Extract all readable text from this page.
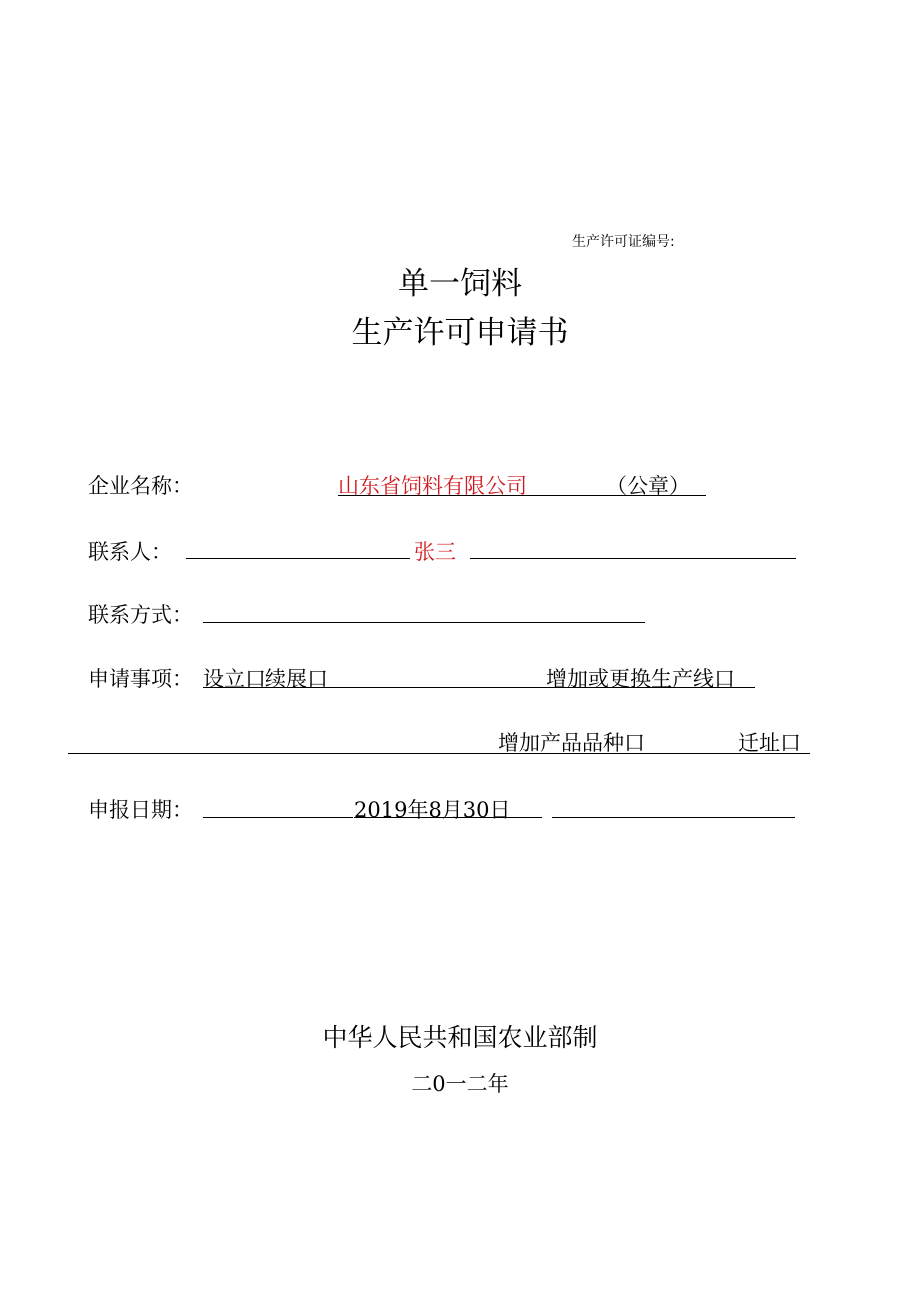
生产许可证编号:
单一饲料
生产许可申请书
企业名称：	山东省饲料有限公司	（公章）
联系人：	张三
联系方式：
申请事项： 设立口 续展口	增加或更换生产线口
增加产品品种口	迁址口
申报日期：	2019年8月30日
中华人民共和国农业部制
二0一二年
